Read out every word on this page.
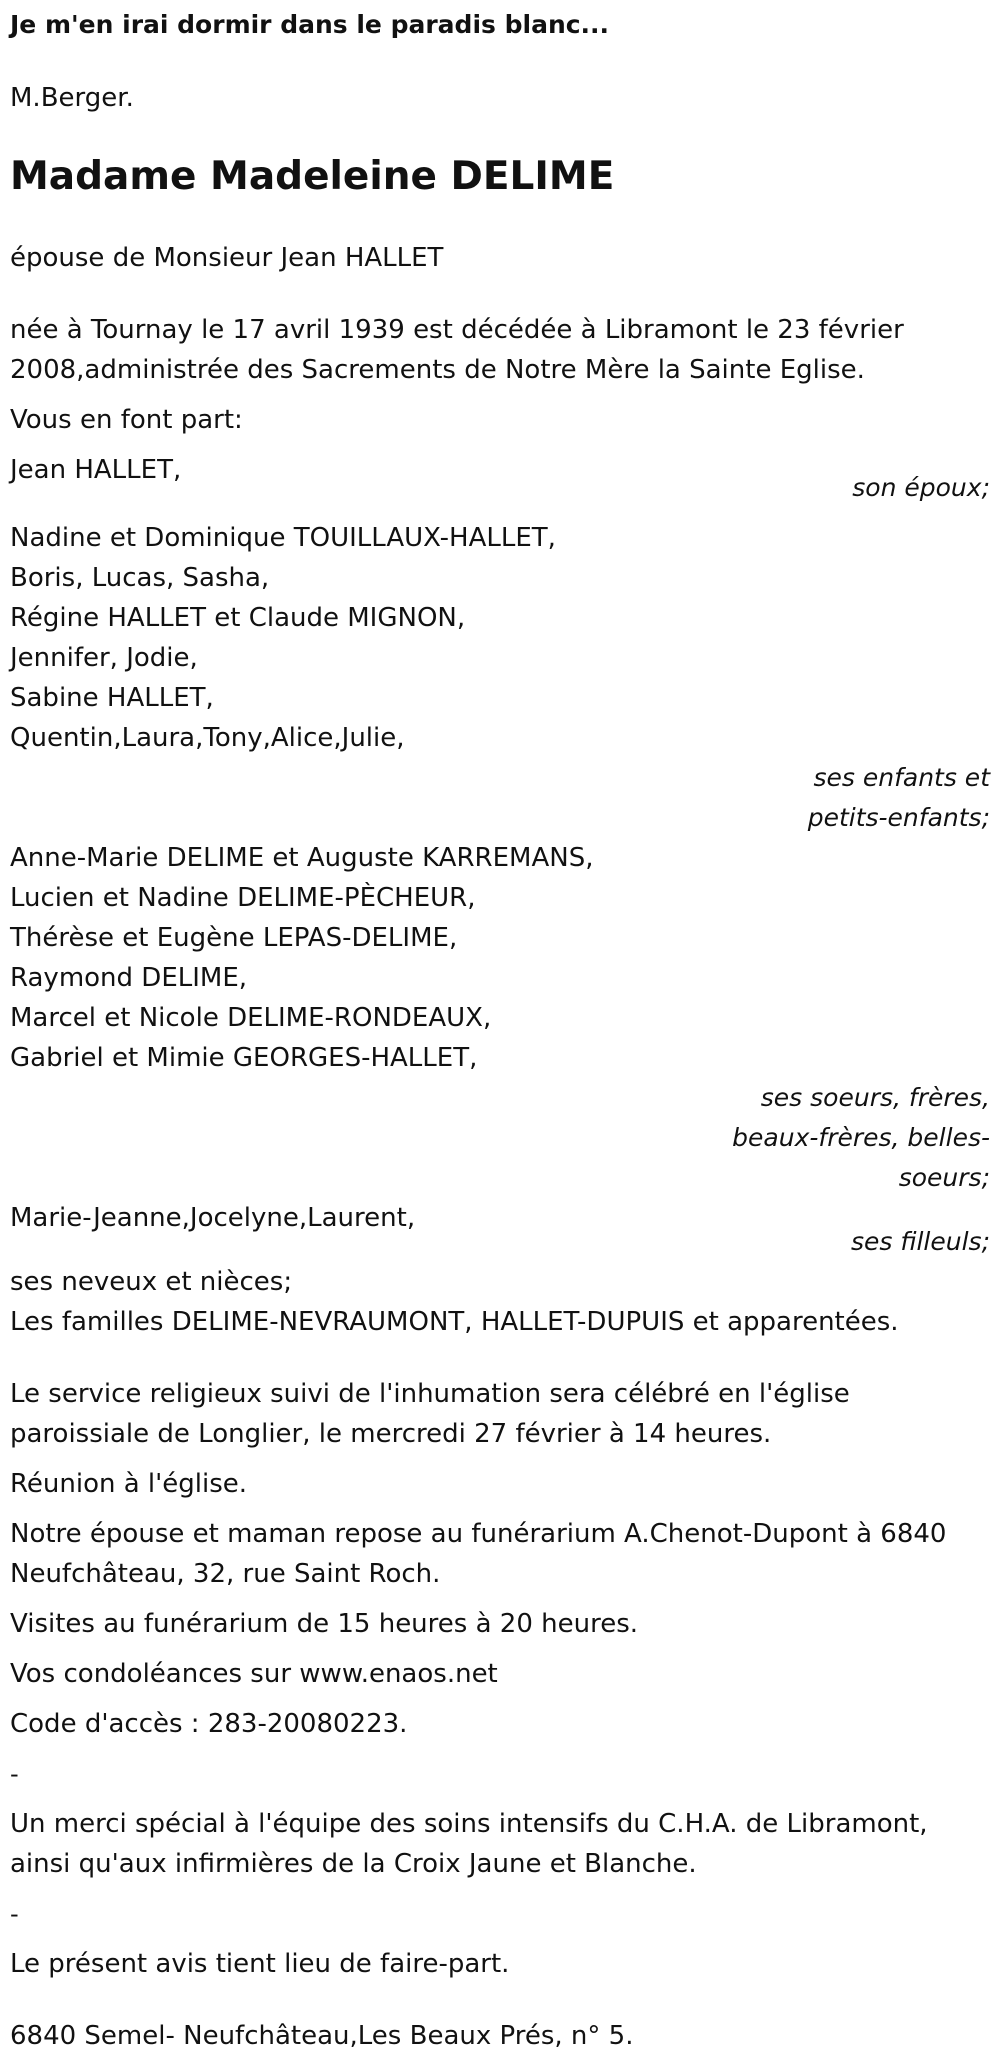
Je m'en irai dormir dans le paradis blanc...

M.Berger.

Madame Madeleine DELIME

épouse de Monsieur Jean HALLET

née à Tournay le 17 avril 1939 est décédée à Libramont le 23 février

2008,administrée des Sacrements de Notre Mère la Sainte Eglise.

Vous en font part:

Jean HALLET,

son époux;

Nadine et Dominique TOUILLAUX-HALLET,

Boris, Lucas, Sasha,

Régine HALLET et Claude MIGNON,

Jennifer, Jodie,

Sabine HALLET,

Quentin,Laura,Tony,Alice,Julie,

ses enfants et

petits-enfants;

Anne-Marie DELIME et Auguste KARREMANS,

Lucien et Nadine DELIME-PÈCHEUR,

Thérèse et Eugène LEPAS-DELIME,

Raymond DELIME,

Marcel et Nicole DELIME-RONDEAUX,

Gabriel et Mimie GEORGES-HALLET,

ses soeurs, frères,

beaux-frères, belles-

soeurs;

Marie-Jeanne,Jocelyne,Laurent,

ses filleuls;

ses neveux et nièces;

Les familles DELIME-NEVRAUMONT, HALLET-DUPUIS et apparentées.

Le service religieux suivi de l'inhumation sera célébré en l'église

paroissiale de Longlier, le mercredi 27 février à 14 heures.

Réunion à l'église.

Notre épouse et maman repose au funérarium A.Chenot-Dupont à 6840

Neufchâteau, 32, rue Saint Roch.

Visites au funérarium de 15 heures à 20 heures.

Vos condoléances sur www.enaos.net

Code d'accès : 283-20080223.

-

Un merci spécial à l'équipe des soins intensifs du C.H.A. de Libramont,

ainsi qu'aux infirmières de la Croix Jaune et Blanche.

-

Le présent avis tient lieu de faire-part.

6840 Semel- Neufchâteau,Les Beaux Prés, n° 5.
